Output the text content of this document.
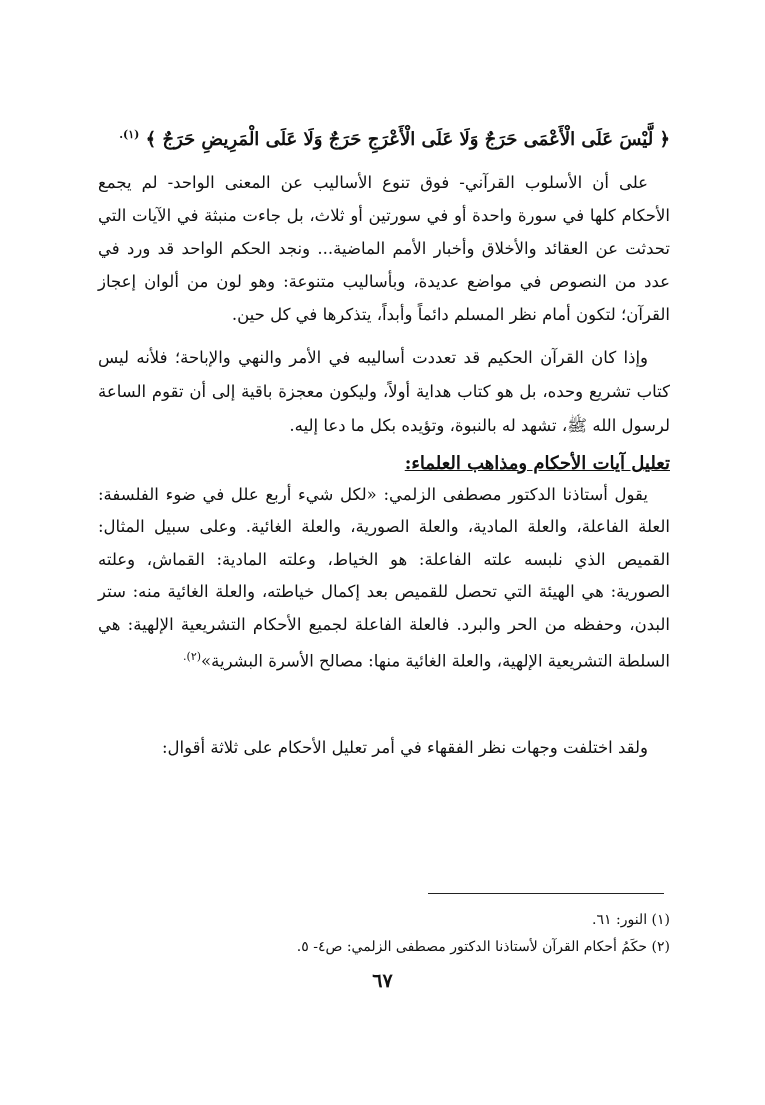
﴿ لَّيْسَ عَلَى الْأَعْمَى حَرَجٌ وَلَا عَلَى الْأَعْرَجِ حَرَجٌ وَلَا عَلَى الْمَرِيضِ حَرَجٌ ﴾ $^{(١).}$
على أن الأسلوب القرآني- فوق تنوع الأساليب عن المعنى الواحد- لم يجمع الأحكام كلها في سورة واحدة أو في سورتين أو ثلاث، بل جاءت منبثة في الآيات التي تحدثت عن العقائد والأخلاق وأخبار الأمم الماضية... ونجد الحكم الواحد قد ورد في عدد من النصوص في مواضع عديدة، وبأساليب متنوعة: وهو لون من ألوان إعجاز القرآن؛ لتكون أمام نظر المسلم دائماً وأبداً، يتذكرها في كل حين.
وإذا كان القرآن الحكيم قد تعددت أساليبه في الأمر والنهي والإباحة؛ فلأنه ليس كتاب تشريع وحده، بل هو كتاب هداية أولاً، وليكون معجزة باقية إلى أن تقوم الساعة لرسول الله ﷺ، تشهد له بالنبوة، وتؤيده بكل ما دعا إليه.
تعليل آيات الأحكام ومذاهب العلماء:
يقول أستاذنا الدكتور مصطفى الزلمي: «لكل شيء أربع علل في ضوء الفلسفة: العلة الفاعلة، والعلة المادية، والعلة الصورية، والعلة الغائية. وعلى سبيل المثال: القميص الذي نلبسه علته الفاعلة: هو الخياط، وعلته المادية: القماش، وعلته الصورية: هي الهيئة التي تحصل للقميص بعد إكمال خياطته، والعلة الغائية منه: ستر البدن، وحفظه من الحر والبرد. فالعلة الفاعلة لجميع الأحكام التشريعية الإلهية: هي السلطة التشريعية الإلهية، والعلة الغائية منها: مصالح الأسرة البشرية»$^{(٢).}$
ولقد اختلفت وجهات نظر الفقهاء في أمر تعليل الأحكام على ثلاثة أقوال:
(١) النور: ٦١.
(٢) حكَمُ أحكام القرآن لأستاذنا الدكتور مصطفى الزلمي: ص٤- ٥.
٦٧
